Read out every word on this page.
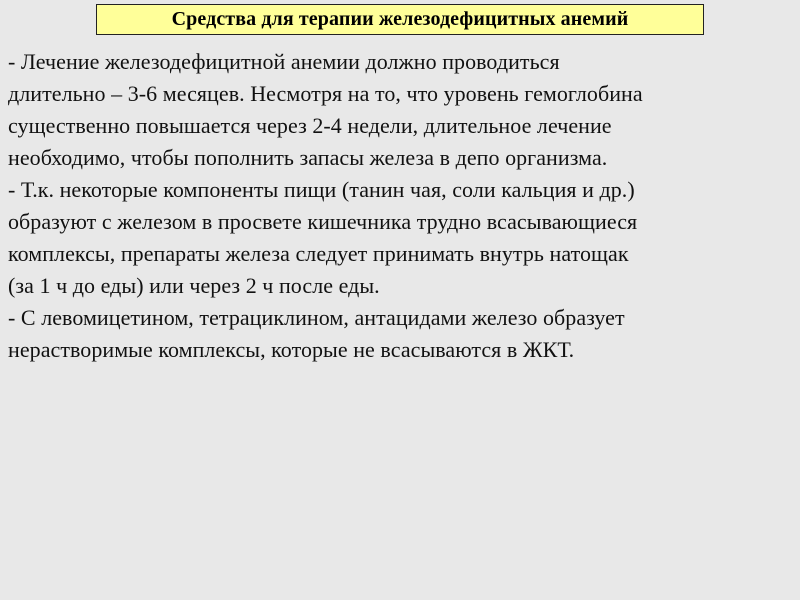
Средства для терапии железодефицитных анемий
- Лечение железодефицитной анемии должно проводиться
длительно – 3-6 месяцев. Несмотря на то, что уровень гемоглобина
существенно повышается через 2-4 недели, длительное лечение
необходимо, чтобы пополнить запасы железа в депо организма.
- Т.к. некоторые компоненты пищи (танин чая, соли кальция и др.)
образуют с железом в просвете кишечника трудно всасывающиеся
комплексы, препараты железа следует принимать внутрь натощак
(за 1 ч до еды) или через 2 ч после еды.
- С левомицетином, тетрациклином, антацидами железо образует
нерастворимые комплексы, которые не всасываются в ЖКТ.
